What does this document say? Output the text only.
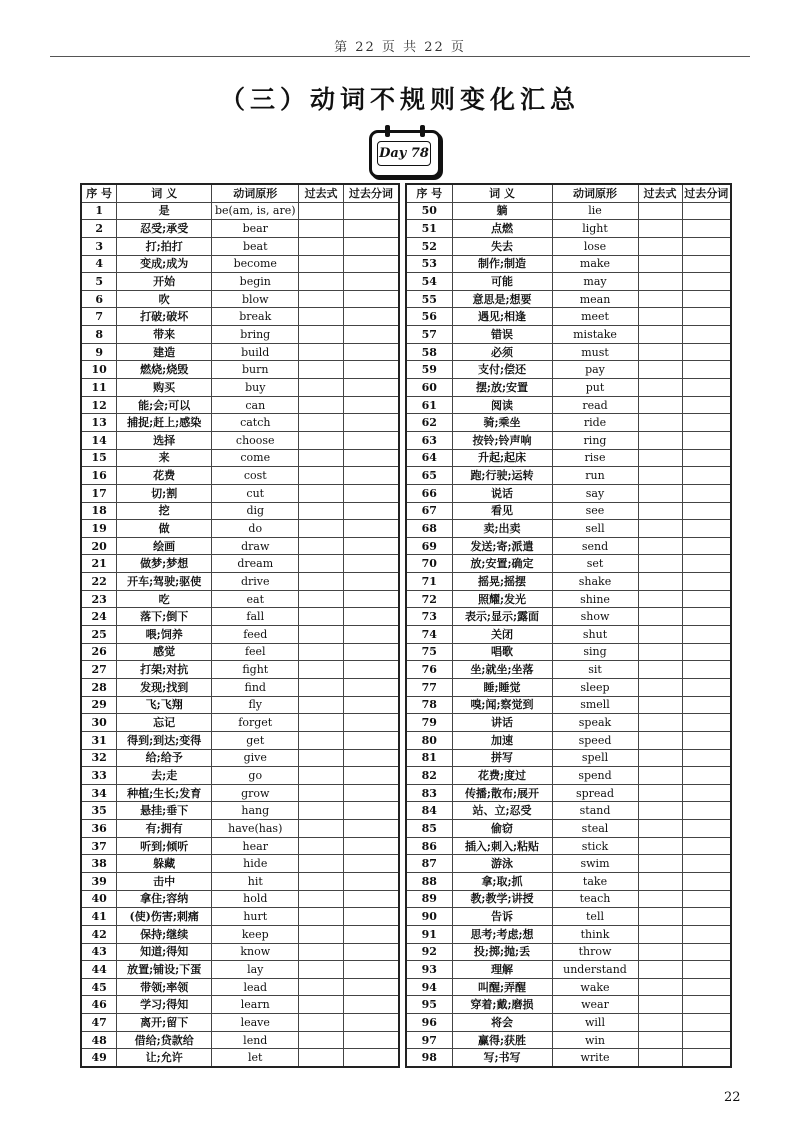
第 22 页 共 22 页
（三）动词不规则变化汇总
Day 78
序 号	词 义	动词原形	过去式	过去分词
1	是	be(am, is, are)		
2	忍受;承受	bear		
3	打;拍打	beat		
4	变成;成为	become		
5	开始	begin		
6	吹	blow		
7	打破;破坏	break		
8	带来	bring		
9	建造	build		
10	燃烧;烧毁	burn		
11	购买	buy		
12	能;会;可以	can		
13	捕捉;赶上;感染	catch		
14	选择	choose		
15	来	come		
16	花费	cost		
17	切;割	cut		
18	挖	dig		
19	做	do		
20	绘画	draw		
21	做梦;梦想	dream		
22	开车;驾驶;驱使	drive		
23	吃	eat		
24	落下;倒下	fall		
25	喂;饲养	feed		
26	感觉	feel		
27	打架;对抗	fight		
28	发现;找到	find		
29	飞;飞翔	fly		
30	忘记	forget		
31	得到;到达;变得	get		
32	给;给予	give		
33	去;走	go		
34	种植;生长;发育	grow		
35	悬挂;垂下	hang		
36	有;拥有	have(has)		
37	听到;倾听	hear		
38	躲藏	hide		
39	击中	hit		
40	拿住;容纳	hold		
41	(使)伤害;刺痛	hurt		
42	保持;继续	keep		
43	知道;得知	know		
44	放置;铺设;下蛋	lay		
45	带领;率领	lead		
46	学习;得知	learn		
47	离开;留下	leave		
48	借给;贷款给	lend		
49	让;允许	let		
序 号	词 义	动词原形	过去式	过去分词
50	躺	lie		
51	点燃	light		
52	失去	lose		
53	制作;制造	make		
54	可能	may		
55	意思是;想要	mean		
56	遇见;相逢	meet		
57	错误	mistake		
58	必须	must		
59	支付;偿还	pay		
60	摆;放;安置	put		
61	阅读	read		
62	骑;乘坐	ride		
63	按铃;铃声响	ring		
64	升起;起床	rise		
65	跑;行驶;运转	run		
66	说话	say		
67	看见	see		
68	卖;出卖	sell		
69	发送;寄;派遣	send		
70	放;安置;确定	set		
71	摇晃;摇摆	shake		
72	照耀;发光	shine		
73	表示;显示;露面	show		
74	关闭	shut		
75	唱歌	sing		
76	坐;就坐;坐落	sit		
77	睡;睡觉	sleep		
78	嗅;闻;察觉到	smell		
79	讲话	speak		
80	加速	speed		
81	拼写	spell		
82	花费;度过	spend		
83	传播;散布;展开	spread		
84	站、立;忍受	stand		
85	偷窃	steal		
86	插入;刺入;粘贴	stick		
87	游泳	swim		
88	拿;取;抓	take		
89	教;教学;讲授	teach		
90	告诉	tell		
91	思考;考虑;想	think		
92	投;掷;抛;丢	throw		
93	理解	understand		
94	叫醒;弄醒	wake		
95	穿着;戴;磨损	wear		
96	将会	will		
97	赢得;获胜	win		
98	写;书写	write		
22
